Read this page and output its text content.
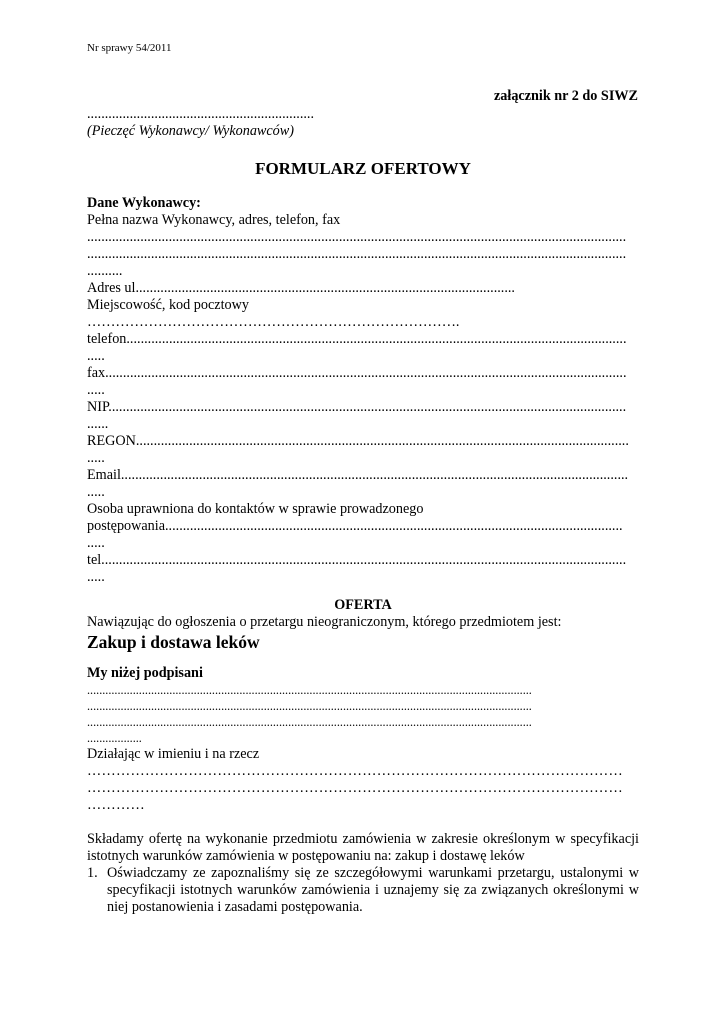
Nr sprawy 54/2011
załącznik nr 2 do SIWZ
................................................................
(Pieczęć Wykonawcy/ Wykonawców)
FORMULARZ OFERTOWY
Dane Wykonawcy:
Pełna nazwa Wykonawcy, adres, telefon, fax
........................................................................................................................................................
........................................................................................................................................................
..........
Adres ul...........................................................................................................
Miejscowość, kod pocztowy
…………………………………………………………………….
telefon.............................................................................................................................................
.....
fax...................................................................................................................................................
.....
NIP..................................................................................................................................................
......
REGON...........................................................................................................................................
.....
Email...............................................................................................................................................
.....
Osoba uprawniona do kontaktów w sprawie prowadzonego
postępowania.................................................................................................................................
.....
tel....................................................................................................................................................
.....
OFERTA
Nawiązując do ogłoszenia o przetargu nieograniczonym, którego przedmiotem jest:
Zakup i dostawa leków
My niżej podpisani
..................................................................................................................................................
..................................................................................................................................................
..................................................................................................................................................
..................
Działając w imieniu i na rzecz
…………………………………………………………………………………………………
…………………………………………………………………………………………………
…………
Składamy ofertę na wykonanie przedmiotu zamówienia w zakresie określonym w specyfikacji istotnych warunków zamówienia w postępowaniu na: zakup i dostawę leków
1. Oświadczamy ze zapoznaliśmy się ze szczegółowymi warunkami przetargu, ustalonymi w specyfikacji istotnych warunków zamówienia i uznajemy się za związanych określonymi w niej postanowienia i zasadami postępowania.
